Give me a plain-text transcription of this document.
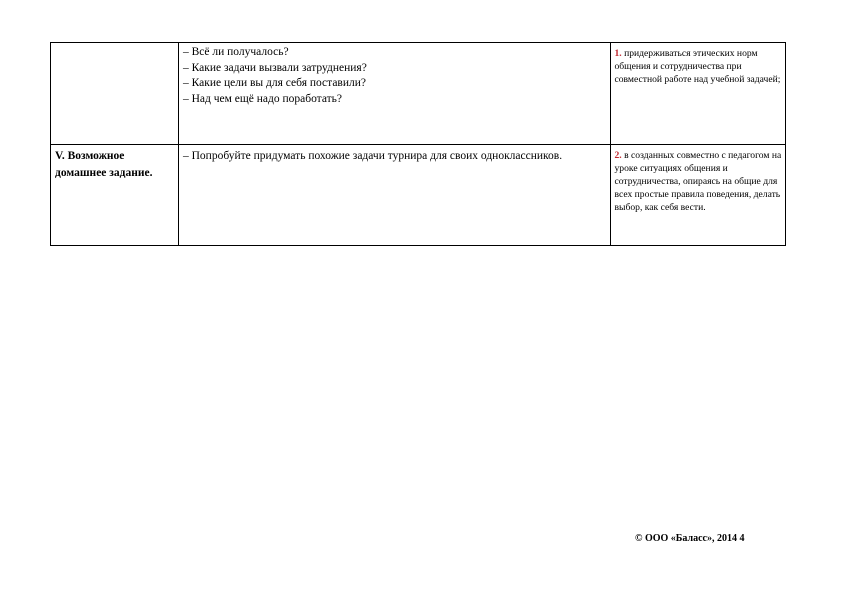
	– Всё ли получалось?

– Какие задачи вызвали затруднения?

– Какие цели вы для себя поставили?

– Над чем ещё надо поработать?	1. придерживаться этических норм общения и сотрудничества при совместной работе над учебной задачей;

V. Возможное домашнее задание.	– Попробуйте придумать похожие задачи турнира для своих одноклассников.	2. в созданных совместно с педагогом на уроке ситуациях общения и сотрудничества, опираясь на общие для всех простые правила поведения, делать выбор, как себя вести.

© ООО «Баласс», 2014 4
